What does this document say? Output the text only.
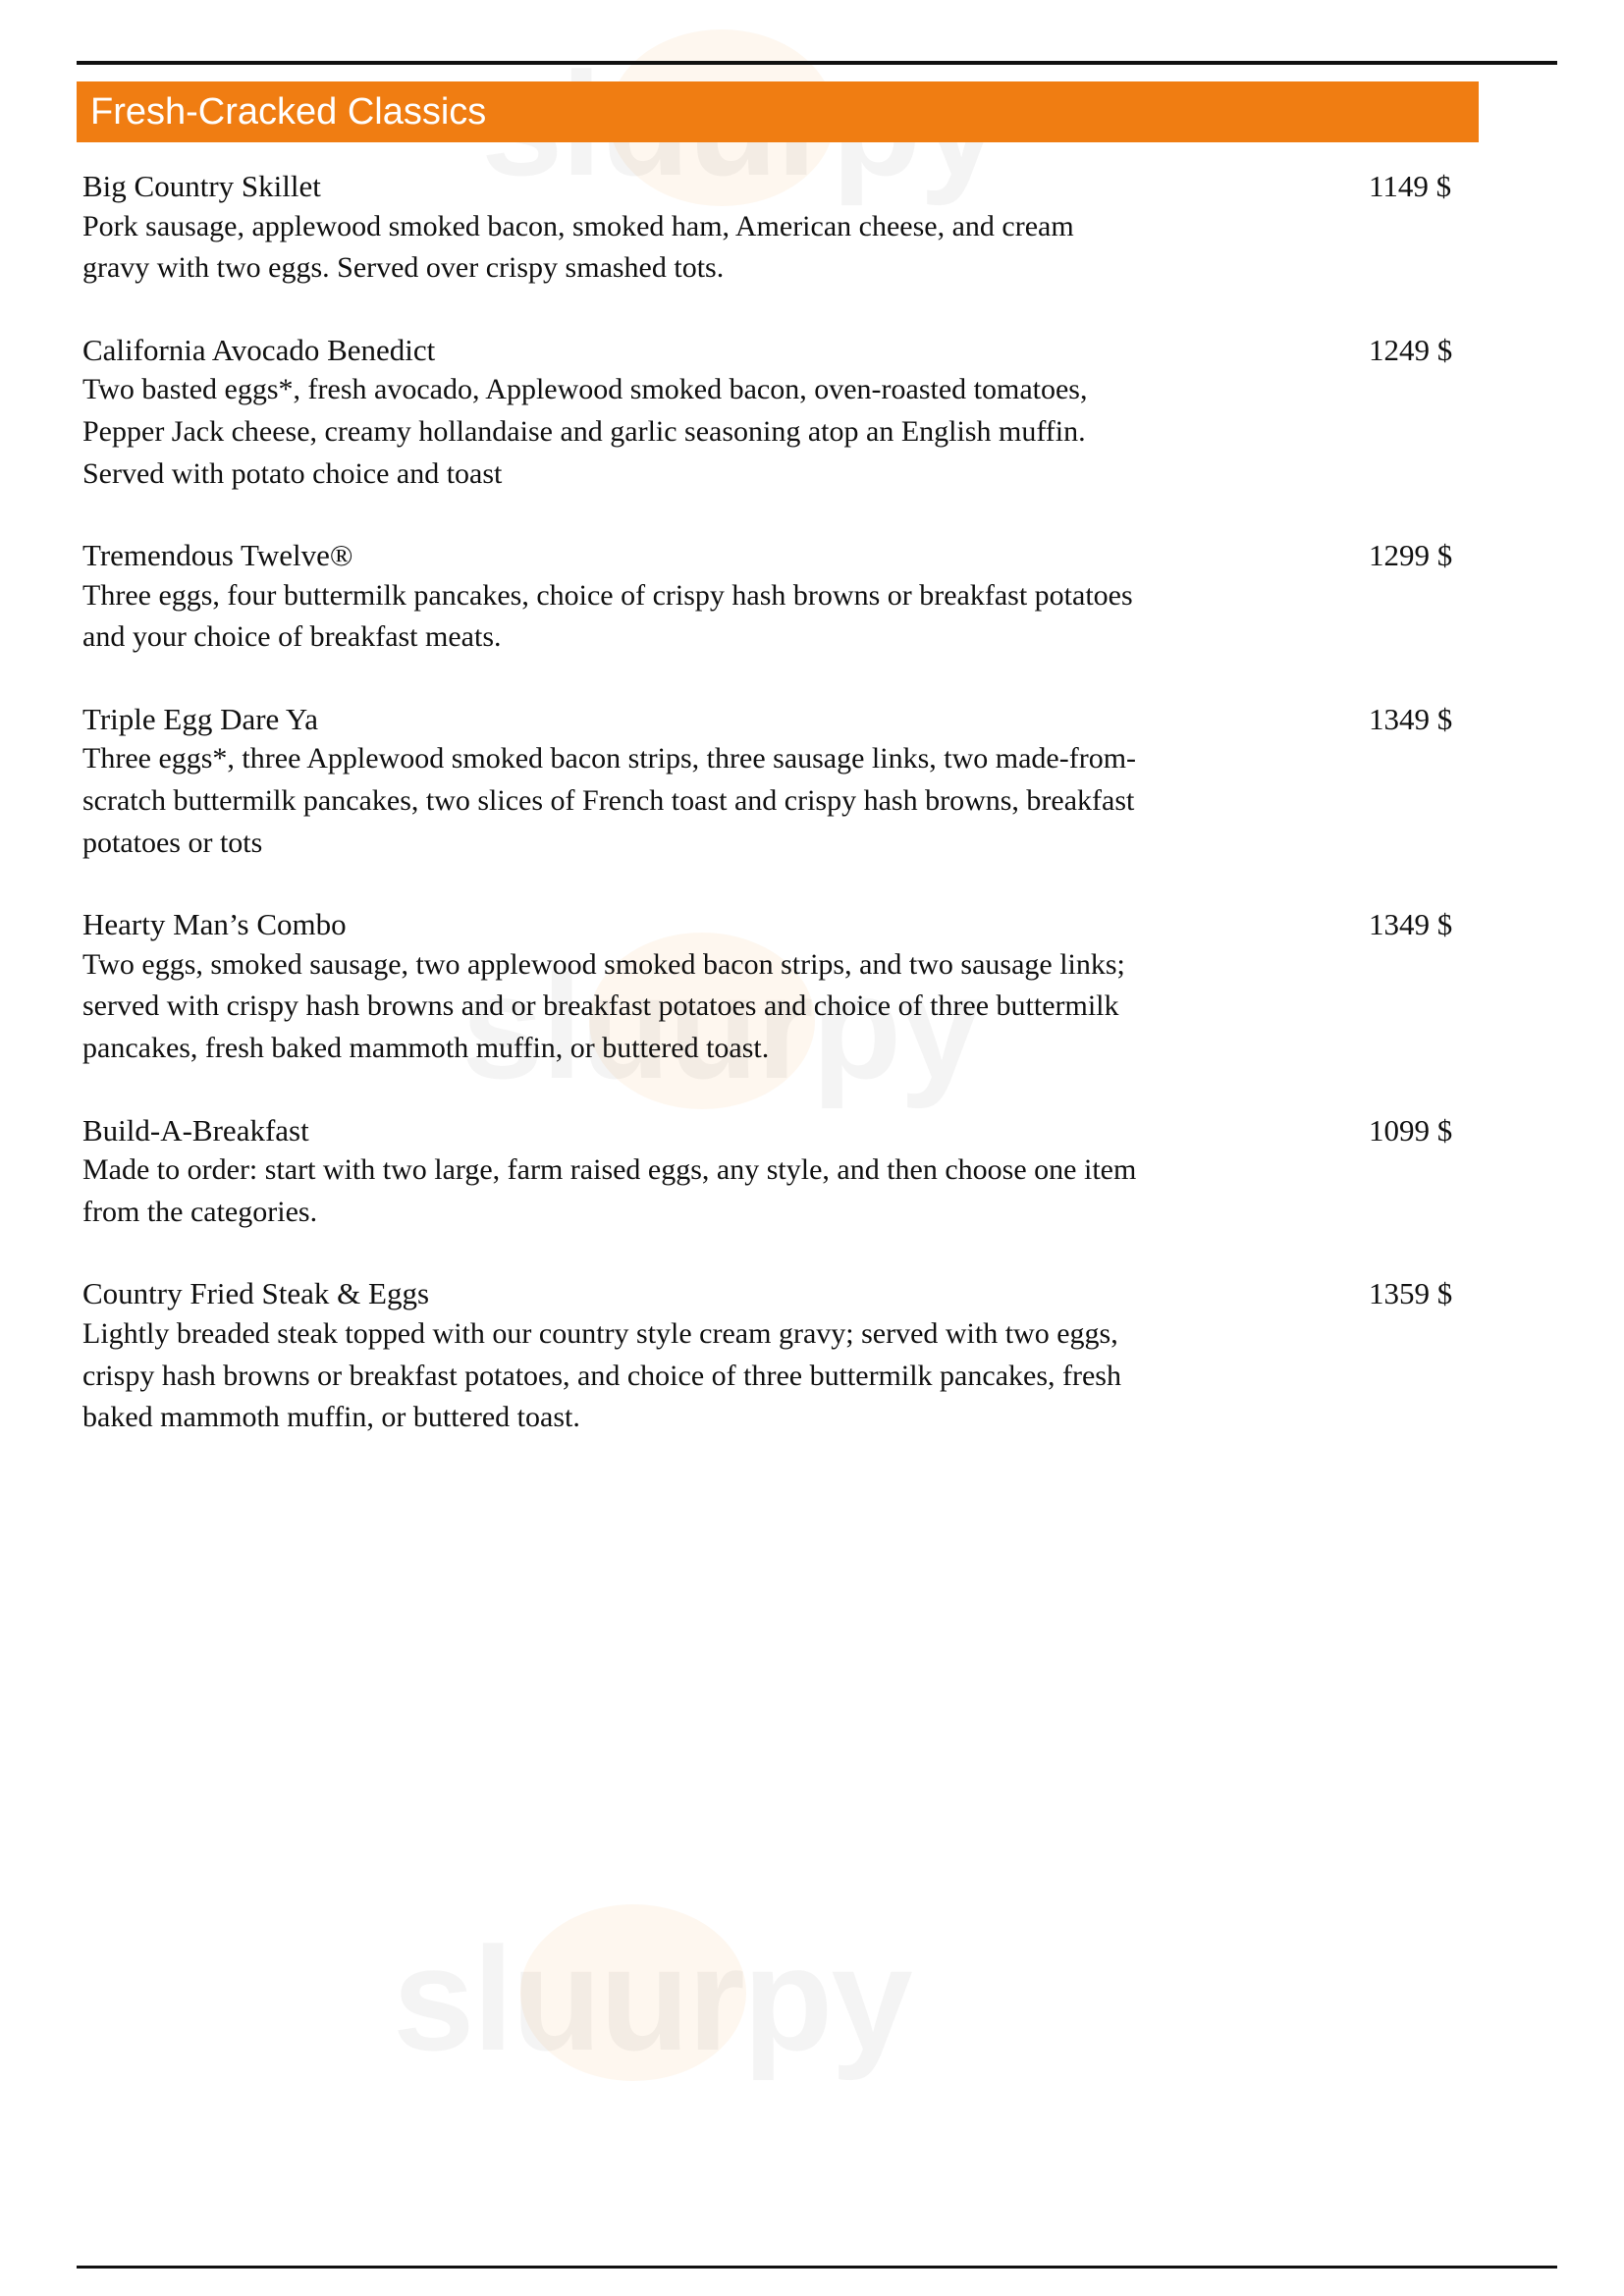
Fresh-Cracked Classics
Big Country Skillet	1149 $
Pork sausage, applewood smoked bacon, smoked ham, American cheese, and cream gravy with two eggs. Served over crispy smashed tots.
California Avocado Benedict	1249 $
Two basted eggs*, fresh avocado, Applewood smoked bacon, oven-roasted tomatoes, Pepper Jack cheese, creamy hollandaise and garlic seasoning atop an English muffin. Served with potato choice and toast
Tremendous Twelve®	1299 $
Three eggs, four buttermilk pancakes, choice of crispy hash browns or breakfast potatoes and your choice of breakfast meats.
Triple Egg Dare Ya	1349 $
Three eggs*, three Applewood smoked bacon strips, three sausage links, two made-from-scratch buttermilk pancakes, two slices of French toast and crispy hash browns, breakfast potatoes or tots
Hearty Man’s Combo	1349 $
Two eggs, smoked sausage, two applewood smoked bacon strips, and two sausage links; served with crispy hash browns and or breakfast potatoes and choice of three buttermilk pancakes, fresh baked mammoth muffin, or buttered toast.
Build-A-Breakfast	1099 $
Made to order: start with two large, farm raised eggs, any style, and then choose one item from the categories.
Country Fried Steak & Eggs	1359 $
Lightly breaded steak topped with our country style cream gravy; served with two eggs, crispy hash browns or breakfast potatoes, and choice of three buttermilk pancakes, fresh baked mammoth muffin, or buttered toast.
